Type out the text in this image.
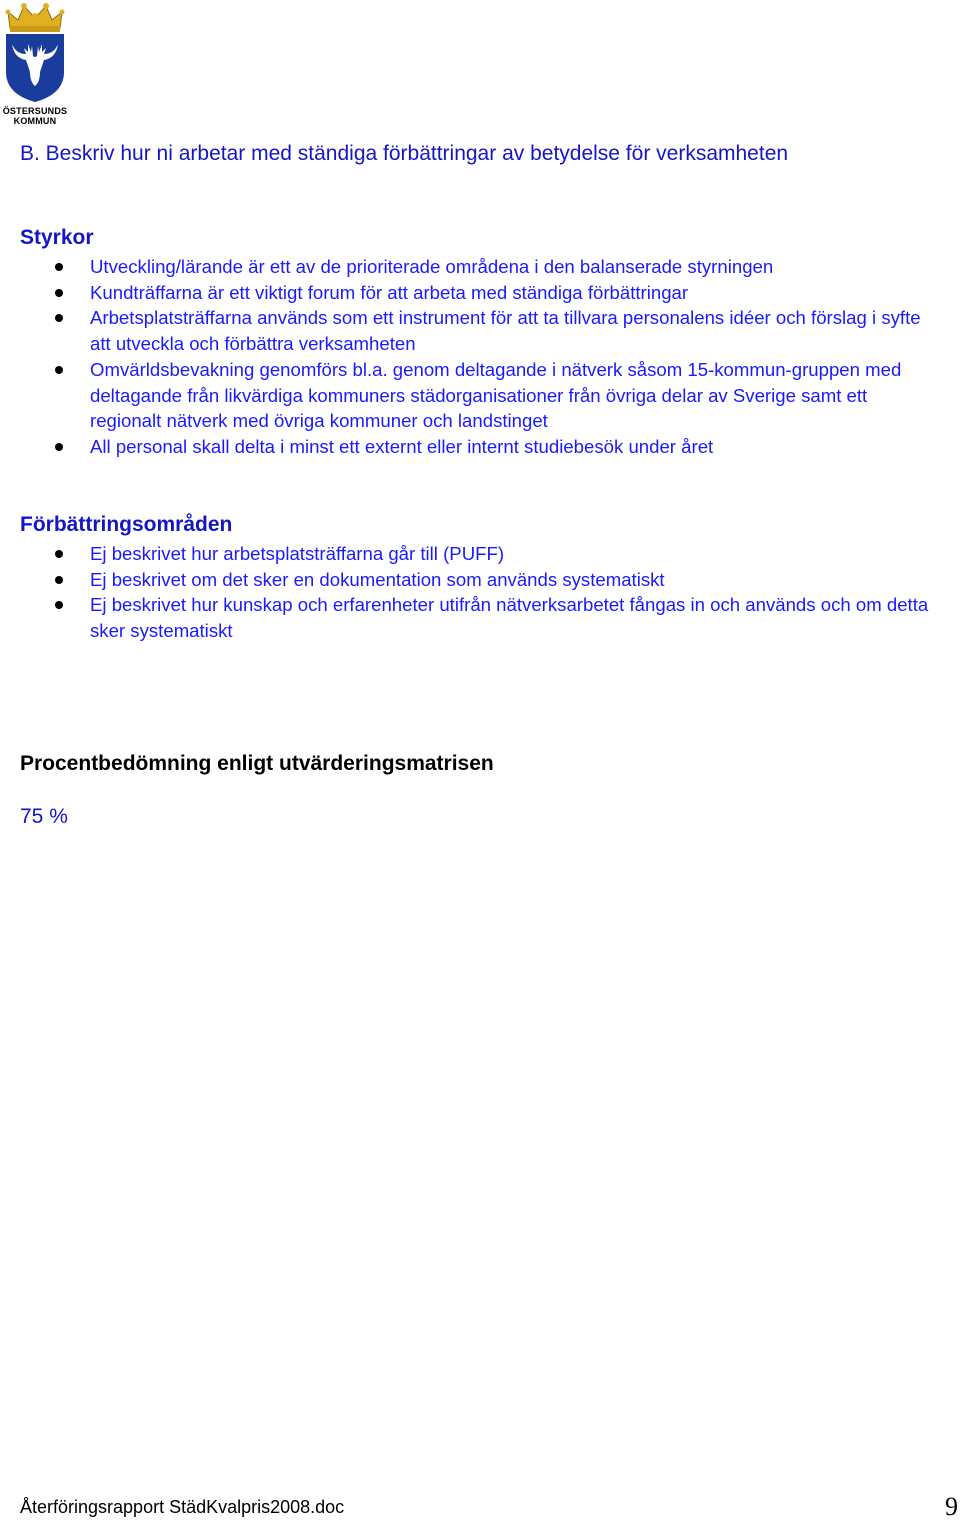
ÖSTERSUNDS
KOMMUN
B. Beskriv hur ni arbetar med ständiga förbättringar av betydelse för verksamheten
Styrkor
Utveckling/lärande är ett av de prioriterade områdena i den balanserade styrningen
Kundträffarna är ett viktigt forum för att arbeta med ständiga förbättringar
Arbetsplatsträffarna används som ett instrument för att ta tillvara personalens idéer och förslag i syfte att utveckla och förbättra verksamheten
Omvärldsbevakning genomförs bl.a. genom deltagande i nätverk såsom 15-kommun-gruppen med deltagande från likvärdiga kommuners städorganisationer från övriga delar av Sverige samt ett regionalt nätverk med övriga kommuner och landstinget
All personal skall delta i minst ett externt eller internt studiebesök under året
Förbättringsområden
Ej beskrivet hur arbetsplatsträffarna går till (PUFF)
Ej beskrivet om det sker en dokumentation som används systematiskt
Ej beskrivet hur kunskap och erfarenheter utifrån nätverksarbetet fångas in och används och om detta sker systematiskt
Procentbedömning enligt utvärderingsmatrisen
75 %
Återföringsrapport StädKvalpris2008.doc	9
